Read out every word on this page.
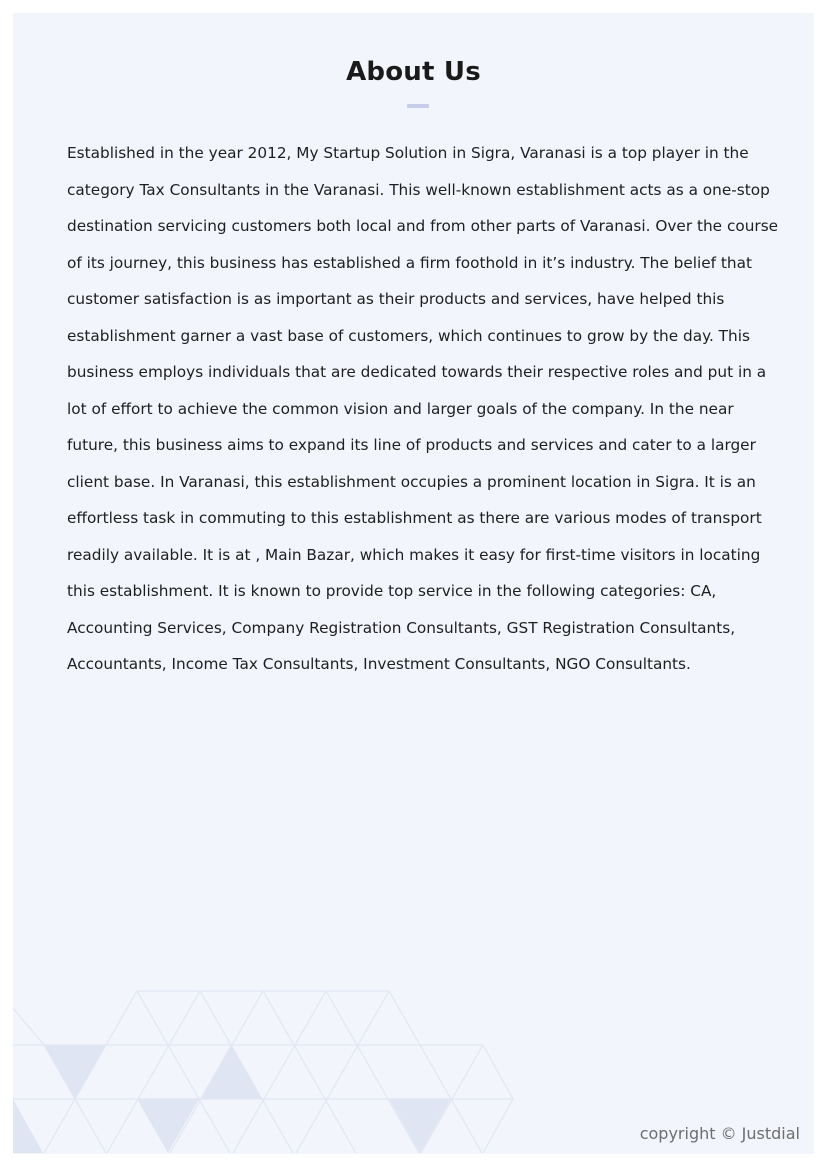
About Us

Established in the year 2012, My Startup Solution in Sigra, Varanasi is a top player in the category Tax Consultants in the Varanasi. This well-known establishment acts as a one-stop destination servicing customers both local and from other parts of Varanasi. Over the course of its journey, this business has established a firm foothold in it’s industry. The belief that customer satisfaction is as important as their products and services, have helped this establishment garner a vast base of customers, which continues to grow by the day. This business employs individuals that are dedicated towards their respective roles and put in a lot of effort to achieve the common vision and larger goals of the company. In the near future, this business aims to expand its line of products and services and cater to a larger client base. In Varanasi, this establishment occupies a prominent location in Sigra. It is an effortless task in commuting to this establishment as there are various modes of transport readily available. It is at , Main Bazar, which makes it easy for first-time visitors in locating this establishment. It is known to provide top service in the following categories: CA, Accounting Services, Company Registration Consultants, GST Registration Consultants, Accountants, Income Tax Consultants, Investment Consultants, NGO Consultants.

copyright © Justdial
